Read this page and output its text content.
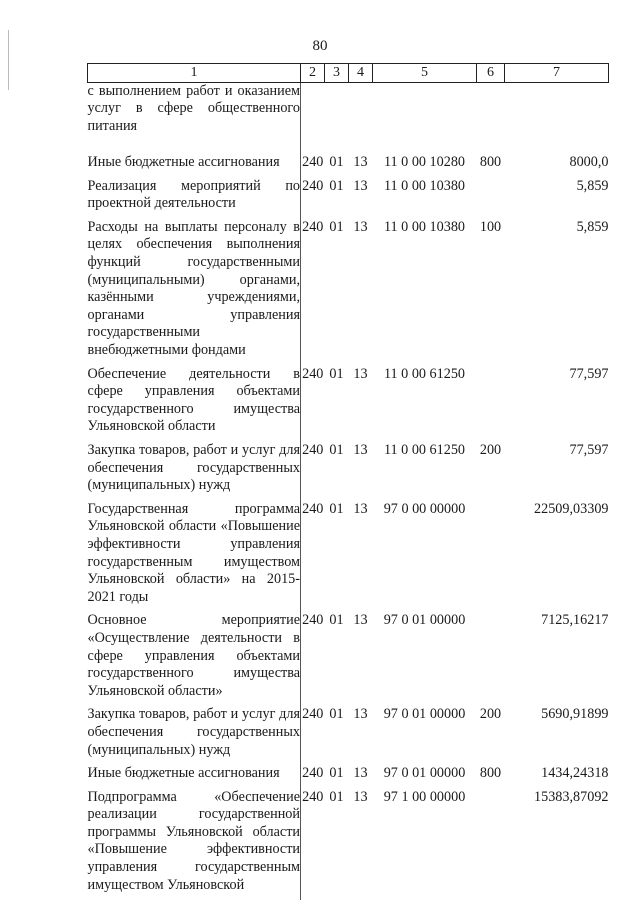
80
1	2	3	4	5	6	7
с выполнением работ и оказанием услуг в сфере общественного питания						
Иные бюджетные ассигнования	240	01	13	11 0 00 10280	800	8000,0
Реализация мероприятий по проектной деятельности	240	01	13	11 0 00 10380		5,859
Расходы на выплаты персоналу в целях обеспечения выполнения функций государственными (муниципальными) органами, казёнными учреждениями, органами управления государственными внебюджетными фондами	240	01	13	11 0 00 10380	100	5,859
Обеспечение деятельности в сфере управления объектами государственного имущества Ульяновской области	240	01	13	11 0 00 61250		77,597
Закупка товаров, работ и услуг для обеспечения государственных (муниципальных) нужд	240	01	13	11 0 00 61250	200	77,597
Государственная программа Ульяновской области «Повышение эффективности управления государственным имуществом Ульяновской области» на 2015-2021 годы	240	01	13	97 0 00 00000		22509,03309
Основное мероприятие «Осуществление деятельности в сфере управления объектами государственного имущества Ульяновской области»	240	01	13	97 0 01 00000		7125,16217
Закупка товаров, работ и услуг для обеспечения государственных (муниципальных) нужд	240	01	13	97 0 01 00000	200	5690,91899
Иные бюджетные ассигнования	240	01	13	97 0 01 00000	800	1434,24318
Подпрограмма «Обеспечение реализации государственной программы Ульяновской области «Повышение эффективности управления государственным имуществом Ульяновской	240	01	13	97 1 00 00000		15383,87092
